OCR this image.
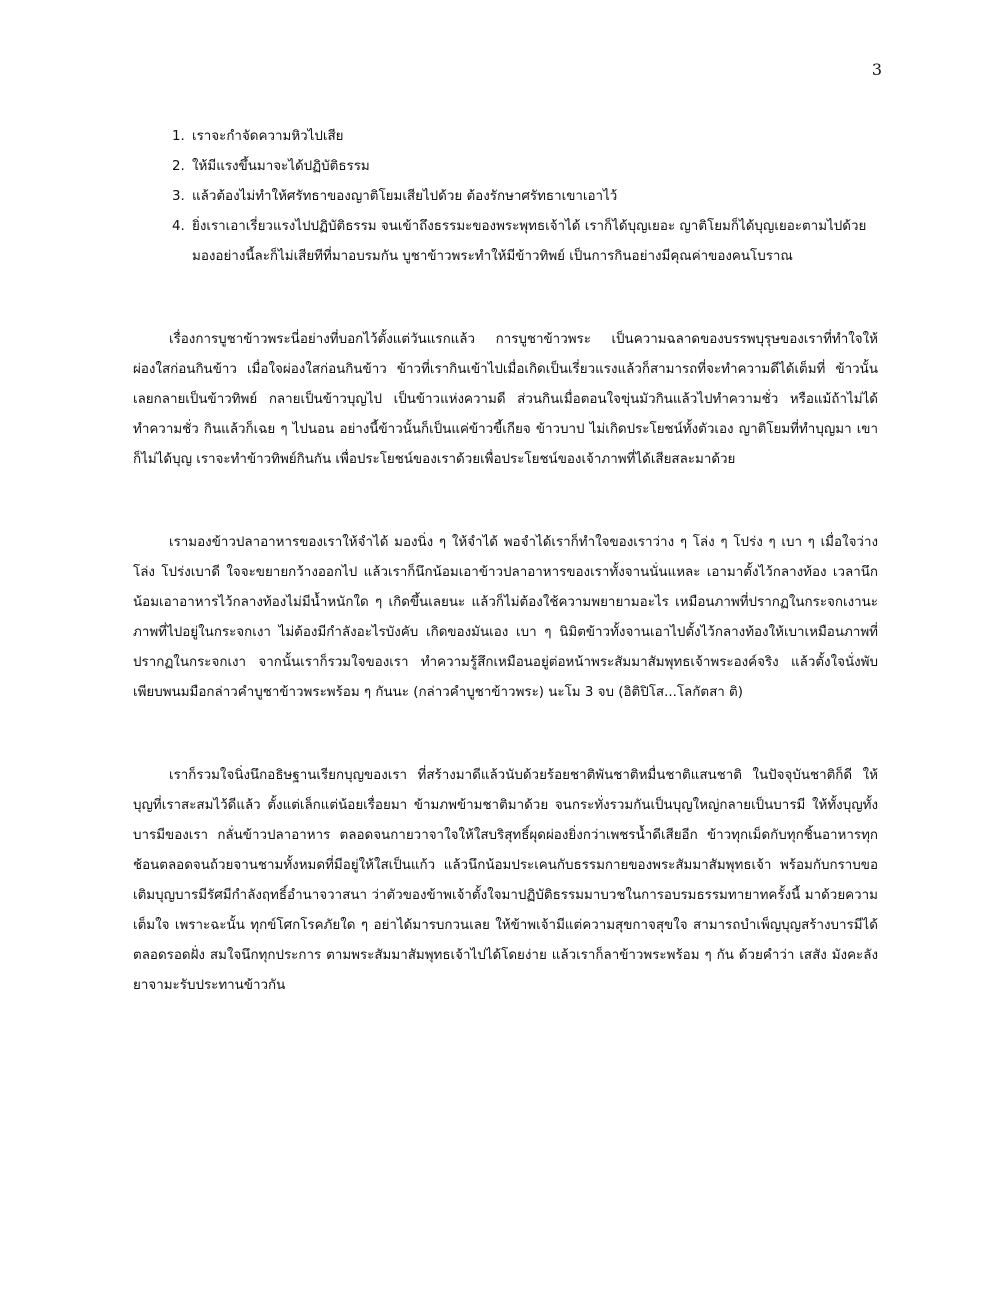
3
1. เราจะกำจัดความหิวไปเสีย
2. ให้มีแรงขึ้นมาจะได้ปฏิบัติธรรม
3. แล้วต้องไม่ทำให้ศรัทธาของญาติโยมเสียไปด้วย ต้องรักษาศรัทธาเขาเอาไว้
4. ยิ่งเราเอาเรี่ยวแรงไปปฏิบัติธรรม จนเข้าถึงธรรมะของพระพุทธเจ้าได้ เราก็ได้บุญเยอะ ญาติโยมก็ได้บุญเยอะตามไปด้วย มองอย่างนี้ละก็ไม่เสียทีที่มาอบรมกัน บูชาข้าวพระทำให้มีข้าวทิพย์ เป็นการกินอย่างมีคุณค่าของคนโบราณ

เรื่องการบูชาข้าวพระนี่อย่างที่บอกไว้ตั้งแต่วันแรกแล้ว การบูชาข้าวพระ เป็นความฉลาดของบรรพบุรุษของเราที่ทำใจให้ผ่องใสก่อนกินข้าว เมื่อใจผ่องใสก่อนกินข้าว ข้าวที่เรากินเข้าไปเมื่อเกิดเป็นเรี่ยวแรงแล้วก็สามารถที่จะทำความดีได้เต็มที่ ข้าวนั้นเลยกลายเป็นข้าวทิพย์ กลายเป็นข้าวบุญไป เป็นข้าวแห่งความดี ส่วนกินเมื่อตอนใจขุ่นมัวกินแล้วไปทำความชั่ว หรือแม้ถ้าไม่ได้ทำความชั่ว กินแล้วก็เฉย ๆ ไปนอน อย่างนี้ข้าวนั้นก็เป็นแค่ข้าวขี้เกียจ ข้าวบาป ไม่เกิดประโยชน์ทั้งตัวเอง ญาติโยมที่ทำบุญมา เขาก็ไม่ได้บุญ เราจะทำข้าวทิพย์กินกัน เพื่อประโยชน์ของเราด้วยเพื่อประโยชน์ของเจ้าภาพที่ได้เสียสละมาด้วย

เรามองข้าวปลาอาหารของเราให้จำได้ มองนิ่ง ๆ ให้จำได้ พอจำได้เราก็ทำใจของเราว่าง ๆ โล่ง ๆ โปร่ง ๆ เบา ๆ เมื่อใจว่าง โล่ง โปร่งเบาดี ใจจะขยายกว้างออกไป แล้วเราก็นึกน้อมเอาข้าวปลาอาหารของเราทั้งจานนั่นแหละ เอามาตั้งไว้กลางท้อง เวลานึกน้อมเอาอาหารไว้กลางท้องไม่มีน้ำหนักใด ๆ เกิดขึ้นเลยนะ แล้วก็ไม่ต้องใช้ความพยายามอะไร เหมือนภาพที่ปรากฏในกระจกเงานะ ภาพที่ไปอยู่ในกระจกเงา ไม่ต้องมีกำลังอะไรบังคับ เกิดของมันเอง เบา ๆ นิมิตข้าวทั้งจานเอาไปตั้งไว้กลางท้องให้เบาเหมือนภาพที่ปรากฏในกระจกเงา จากนั้นเราก็รวมใจของเรา ทำความรู้สึกเหมือนอยู่ต่อหน้าพระสัมมาสัมพุทธเจ้าพระองค์จริง แล้วตั้งใจนั่งพับเพียบพนมมือกล่าวคำบูชาข้าวพระพร้อม ๆ กันนะ (กล่าวคำบูชาข้าวพระ) นะโม 3 จบ (อิติปิโส...โลกัตสา ติ)

เราก็รวมใจนิ่งนึกอธิษฐานเรียกบุญของเรา ที่สร้างมาดีแล้วนับด้วยร้อยชาติพันชาติหมื่นชาติแสนชาติ ในปัจจุบันชาติก็ดี ให้บุญที่เราสะสมไว้ดีแล้ว ตั้งแต่เล็กแต่น้อยเรื่อยมา ข้ามภพข้ามชาติมาด้วย จนกระทั่งรวมกันเป็นบุญใหญ่กลายเป็นบารมี ให้ทั้งบุญทั้งบารมีของเรา กลั่นข้าวปลาอาหาร ตลอดจนกายวาจาใจให้ใสบริสุทธิ์ผุดผ่องยิ่งกว่าเพชรน้ำดีเสียอีก ข้าวทุกเม็ดกับทุกชิ้นอาหารทุกช้อนตลอดจนถ้วยจานชามทั้งหมดที่มีอยู่ให้ใสเป็นแก้ว แล้วนึกน้อมประเคนกับธรรมกายของพระสัมมาสัมพุทธเจ้า พร้อมกับกราบขอเติมบุญบารมีรัศมีกำลังฤทธิ์อำนาจวาสนา ว่าตัวของข้าพเจ้าตั้งใจมาปฏิบัติธรรมมาบวชในการอบรมธรรมทายาทครั้งนี้ มาด้วยความเต็มใจ เพราะฉะนั้น ทุกข์โศกโรคภัยใด ๆ อย่าได้มารบกวนเลย ให้ข้าพเจ้ามีแต่ความสุขกาจสุขใจ สามารถบำเพ็ญบุญสร้างบารมีได้ตลอดรอดฝั่ง สมใจนึกทุกประการ ตามพระสัมมาสัมพุทธเจ้าไปได้โดยง่าย แล้วเราก็ลาข้าวพระพร้อม ๆ กัน ด้วยคำว่า เสสัง มังคะลัง ยาจามะรับประทานข้าวกัน
